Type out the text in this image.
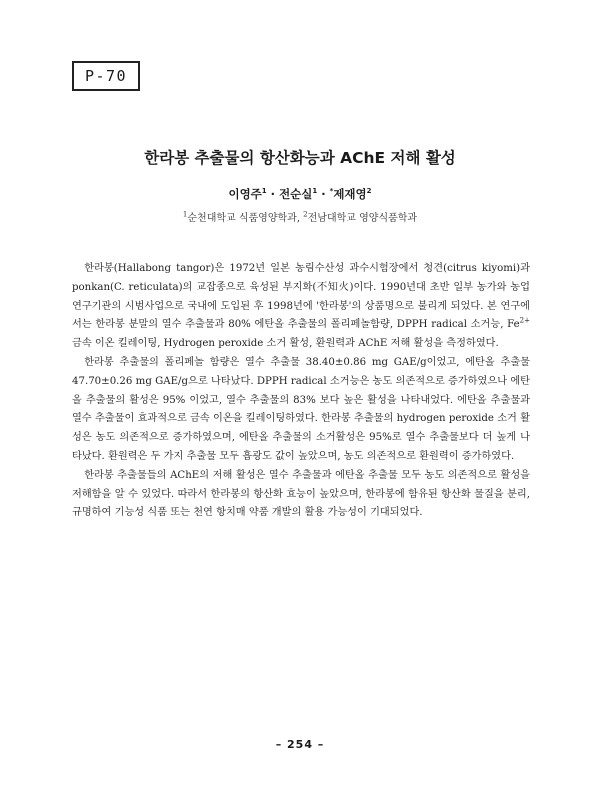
P-70
한라봉 추출물의 항산화능과 AChE 저해 활성
이영주$^1$ · 전순실$^1$ · *제재영$^2$
$^1$순천대학교 식품영양학과, $^2$전남대학교 영양식품학과

한라봉(Hallabong tangor)은 1972년 일본 농림수산성 과수시험장에서 청견(citrus kiyomi)과 ponkan(C. reticulata)의 교잡종으로 육성된 부지화(不知火)이다. 1990년대 초반 일부 농가와 농업연구기관의 시범사업으로 국내에 도입된 후 1998년에 '한라봉'의 상품명으로 불리게 되었다. 본 연구에서는 한라봉 분말의 열수 추출물과 80% 에탄올 추출물의 폴리페놀함량, DPPH radical 소거능, $Fe^{2+}$ 금속 이온 킬레이팅, Hydrogen peroxide 소거 활성, 환원력과 AChE 저해 활성을 측정하였다.

한라봉 추출물의 폴리페놀 함량은 열수 추출물 38.40±0.86 mg GAE/g이었고, 에탄올 추출물 47.70±0.26 mg GAE/g으로 나타났다. DPPH radical 소거능은 농도 의존적으로 증가하였으나 에탄올 추출물의 활성은 95% 이었고, 열수 추출물의 83% 보다 높은 활성을 나타내었다. 에탄올 추출물과 열수 추출물이 효과적으로 금속 이온을 킬레이팅하였다. 한라봉 추출물의 hydrogen peroxide 소거 활성은 농도 의존적으로 증가하였으며, 에탄올 추출물의 소거활성은 95%로 열수 추출물보다 더 높게 나타났다. 환원력은 두 가지 추출물 모두 흡광도 값이 높았으며, 농도 의존적으로 환원력이 증가하였다.

한라봉 추출물들의 AChE의 저해 활성은 열수 추출물과 에탄올 추출물 모두 농도 의존적으로 활성을 저해함을 알 수 있었다. 따라서 한라봉의 항산화 효능이 높았으며, 한라봉에 함유된 항산화 물질을 분리, 규명하여 기능성 식품 또는 천연 항치매 약품 개발의 활용 가능성이 기대되었다.

– 254 –
